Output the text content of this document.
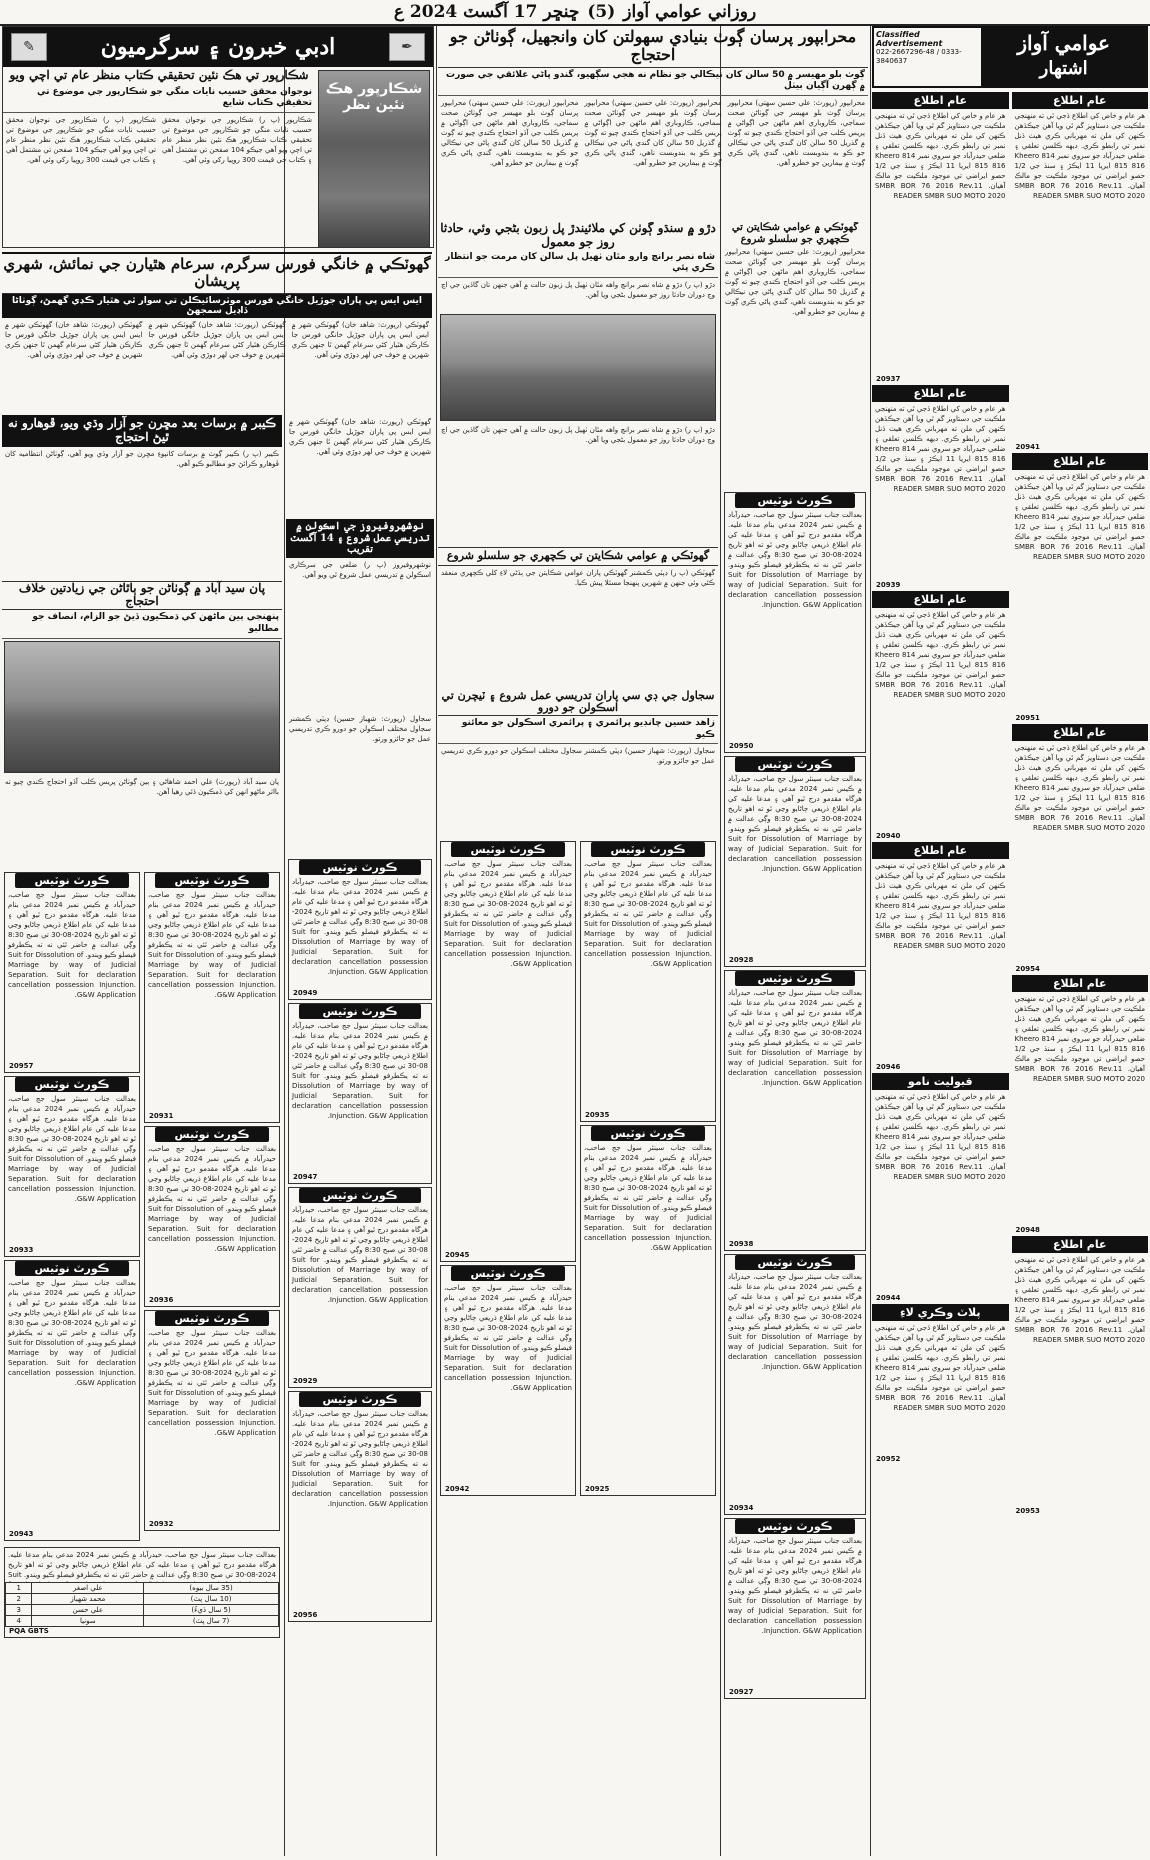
روزاني عوامي آواز
(5)
ڇنڇر 17 آگسٽ 2024 ع
Classified Advertisement
022-2667296-48 / 0333-3840637
عوامي آواز
اشتهار
عام اطلاع
هر عام و خاص کي اطلاع ڏجي ٿي ته منهنجي ملڪيت جي دستاويز گم ٿي ويا آهن جيڪڏهن ڪنهن کي ملن ته مهرباني ڪري هيٺ ڏنل نمبر تي رابطو ڪري. ديهه ڪلسن تعلقي ۽ ضلعي حيدرآباد جو سروي نمبر Kheero 814 815 816 ايريا 11 ايڪڙ ۽ سنڌ جي 1/2 حصو ايراضي تي موجود ملڪيت جو مالڪ آهيان. SMBR BOR 76 2016 Rev.11 READER SMBR SUO MOTO 2020
20937
عام اطلاع
هر عام و خاص کي اطلاع ڏجي ٿي ته منهنجي ملڪيت جي دستاويز گم ٿي ويا آهن جيڪڏهن ڪنهن کي ملن ته مهرباني ڪري هيٺ ڏنل نمبر تي رابطو ڪري. ديهه ڪلسن تعلقي ۽ ضلعي حيدرآباد جو سروي نمبر Kheero 814 815 816 ايريا 11 ايڪڙ ۽ سنڌ جي 1/2 حصو ايراضي تي موجود ملڪيت جو مالڪ آهيان. SMBR BOR 76 2016 Rev.11 READER SMBR SUO MOTO 2020
20939
عام اطلاع
هر عام و خاص کي اطلاع ڏجي ٿي ته منهنجي ملڪيت جي دستاويز گم ٿي ويا آهن جيڪڏهن ڪنهن کي ملن ته مهرباني ڪري هيٺ ڏنل نمبر تي رابطو ڪري. ديهه ڪلسن تعلقي ۽ ضلعي حيدرآباد جو سروي نمبر Kheero 814 815 816 ايريا 11 ايڪڙ ۽ سنڌ جي 1/2 حصو ايراضي تي موجود ملڪيت جو مالڪ آهيان. SMBR BOR 76 2016 Rev.11 READER SMBR SUO MOTO 2020
20940
عام اطلاع
هر عام و خاص کي اطلاع ڏجي ٿي ته منهنجي ملڪيت جي دستاويز گم ٿي ويا آهن جيڪڏهن ڪنهن کي ملن ته مهرباني ڪري هيٺ ڏنل نمبر تي رابطو ڪري. ديهه ڪلسن تعلقي ۽ ضلعي حيدرآباد جو سروي نمبر Kheero 814 815 816 ايريا 11 ايڪڙ ۽ سنڌ جي 1/2 حصو ايراضي تي موجود ملڪيت جو مالڪ آهيان. SMBR BOR 76 2016 Rev.11 READER SMBR SUO MOTO 2020
20946
قبوليت نامو
هر عام و خاص کي اطلاع ڏجي ٿي ته منهنجي ملڪيت جي دستاويز گم ٿي ويا آهن جيڪڏهن ڪنهن کي ملن ته مهرباني ڪري هيٺ ڏنل نمبر تي رابطو ڪري. ديهه ڪلسن تعلقي ۽ ضلعي حيدرآباد جو سروي نمبر Kheero 814 815 816 ايريا 11 ايڪڙ ۽ سنڌ جي 1/2 حصو ايراضي تي موجود ملڪيت جو مالڪ آهيان. SMBR BOR 76 2016 Rev.11 READER SMBR SUO MOTO 2020
20944
پلاٽ وڪري لاءِ
هر عام و خاص کي اطلاع ڏجي ٿي ته منهنجي ملڪيت جي دستاويز گم ٿي ويا آهن جيڪڏهن ڪنهن کي ملن ته مهرباني ڪري هيٺ ڏنل نمبر تي رابطو ڪري. ديهه ڪلسن تعلقي ۽ ضلعي حيدرآباد جو سروي نمبر Kheero 814 815 816 ايريا 11 ايڪڙ ۽ سنڌ جي 1/2 حصو ايراضي تي موجود ملڪيت جو مالڪ آهيان. SMBR BOR 76 2016 Rev.11 READER SMBR SUO MOTO 2020
20952
عام اطلاع
هر عام و خاص کي اطلاع ڏجي ٿي ته منهنجي ملڪيت جي دستاويز گم ٿي ويا آهن جيڪڏهن ڪنهن کي ملن ته مهرباني ڪري هيٺ ڏنل نمبر تي رابطو ڪري. ديهه ڪلسن تعلقي ۽ ضلعي حيدرآباد جو سروي نمبر Kheero 814 815 816 ايريا 11 ايڪڙ ۽ سنڌ جي 1/2 حصو ايراضي تي موجود ملڪيت جو مالڪ آهيان. SMBR BOR 76 2016 Rev.11 READER SMBR SUO MOTO 2020
20941
عام اطلاع
هر عام و خاص کي اطلاع ڏجي ٿي ته منهنجي ملڪيت جي دستاويز گم ٿي ويا آهن جيڪڏهن ڪنهن کي ملن ته مهرباني ڪري هيٺ ڏنل نمبر تي رابطو ڪري. ديهه ڪلسن تعلقي ۽ ضلعي حيدرآباد جو سروي نمبر Kheero 814 815 816 ايريا 11 ايڪڙ ۽ سنڌ جي 1/2 حصو ايراضي تي موجود ملڪيت جو مالڪ آهيان. SMBR BOR 76 2016 Rev.11 READER SMBR SUO MOTO 2020
20951
عام اطلاع
هر عام و خاص کي اطلاع ڏجي ٿي ته منهنجي ملڪيت جي دستاويز گم ٿي ويا آهن جيڪڏهن ڪنهن کي ملن ته مهرباني ڪري هيٺ ڏنل نمبر تي رابطو ڪري. ديهه ڪلسن تعلقي ۽ ضلعي حيدرآباد جو سروي نمبر Kheero 814 815 816 ايريا 11 ايڪڙ ۽ سنڌ جي 1/2 حصو ايراضي تي موجود ملڪيت جو مالڪ آهيان. SMBR BOR 76 2016 Rev.11 READER SMBR SUO MOTO 2020
20954
عام اطلاع
هر عام و خاص کي اطلاع ڏجي ٿي ته منهنجي ملڪيت جي دستاويز گم ٿي ويا آهن جيڪڏهن ڪنهن کي ملن ته مهرباني ڪري هيٺ ڏنل نمبر تي رابطو ڪري. ديهه ڪلسن تعلقي ۽ ضلعي حيدرآباد جو سروي نمبر Kheero 814 815 816 ايريا 11 ايڪڙ ۽ سنڌ جي 1/2 حصو ايراضي تي موجود ملڪيت جو مالڪ آهيان. SMBR BOR 76 2016 Rev.11 READER SMBR SUO MOTO 2020
20948
عام اطلاع
هر عام و خاص کي اطلاع ڏجي ٿي ته منهنجي ملڪيت جي دستاويز گم ٿي ويا آهن جيڪڏهن ڪنهن کي ملن ته مهرباني ڪري هيٺ ڏنل نمبر تي رابطو ڪري. ديهه ڪلسن تعلقي ۽ ضلعي حيدرآباد جو سروي نمبر Kheero 814 815 816 ايريا 11 ايڪڙ ۽ سنڌ جي 1/2 حصو ايراضي تي موجود ملڪيت جو مالڪ آهيان. SMBR BOR 76 2016 Rev.11 READER SMBR SUO MOTO 2020
20953
محرابپور پرسان ڳوٺ بنيادي سهولتن کان وانجهيل، ڳوٺاڻن جو احتجاج
ڳوٺ بلو مهيسر ۾ 50 سالن کان نيڪالي جو نظام نه هجي سڳهيو، گندو پاڻي علائقي جي صورت ۾ ڳهرن آڳيان بيٺل
محرابپور (رپورٽ: علي حسين سهتي) محرابپور پرسان ڳوٺ بلو مهيسر جي ڳوٺاڻن صحت سماجي، ڪاروباري اهم ماڻهن جي اڳواڻي ۾ پريس ڪلب جي آڏو احتجاج ڪندي چيو ته ڳوٺ ۾ گذريل 50 سالن کان گندي پاڻي جي نيڪالي جو ڪو به بندوبست ناهي، گندي پاڻي ڪري ڳوٺ ۾ بيمارين جو خطرو آهي.
محرابپور (رپورٽ: علي حسين سهتي) محرابپور پرسان ڳوٺ بلو مهيسر جي ڳوٺاڻن صحت سماجي، ڪاروباري اهم ماڻهن جي اڳواڻي ۾ پريس ڪلب جي آڏو احتجاج ڪندي چيو ته ڳوٺ ۾ گذريل 50 سالن کان گندي پاڻي جي نيڪالي جو ڪو به بندوبست ناهي، گندي پاڻي ڪري ڳوٺ ۾ بيمارين جو خطرو آهي.
محرابپور (رپورٽ: علي حسين سهتي) محرابپور پرسان ڳوٺ بلو مهيسر جي ڳوٺاڻن صحت سماجي، ڪاروباري اهم ماڻهن جي اڳواڻي ۾ پريس ڪلب جي آڏو احتجاج ڪندي چيو ته ڳوٺ ۾ گذريل 50 سالن کان گندي پاڻي جي نيڪالي جو ڪو به بندوبست ناهي، گندي پاڻي ڪري ڳوٺ ۾ بيمارين جو خطرو آهي.
گهوٽڪي ۾ عوامي شڪايتن تي ڪچهري جو سلسلو شروع
محرابپور (رپورٽ: علي حسين سهتي) محرابپور پرسان ڳوٺ بلو مهيسر جي ڳوٺاڻن صحت سماجي، ڪاروباري اهم ماڻهن جي اڳواڻي ۾ پريس ڪلب جي آڏو احتجاج ڪندي چيو ته ڳوٺ ۾ گذريل 50 سالن کان گندي پاڻي جي نيڪالي جو ڪو به بندوبست ناهي، گندي پاڻي ڪري ڳوٺ ۾ بيمارين جو خطرو آهي.
ڪورٽ نوٽيس
بعدالت جناب سينئر سول جج صاحب، حيدرآباد ۾ ڪيس نمبر 2024 مدعي بنام مدعا عليه. هرگاه مقدمو درج ٿيو آهي ۽ مدعا عليه کي عام اطلاع ذريعي ڄاڻايو وڃي ٿو ته اهو تاريخ 2024-08-30 تي صبح 8:30 وڳي عدالت ۾ حاضر ٿئي نه ته يڪطرفو فيصلو ڪيو ويندو. Suit for Dissolution of Marriage by way of Judicial Separation. Suit for declaration cancellation possession Injunction. G&W Application.
20950
ڪورٽ نوٽيس
بعدالت جناب سينئر سول جج صاحب، حيدرآباد ۾ ڪيس نمبر 2024 مدعي بنام مدعا عليه. هرگاه مقدمو درج ٿيو آهي ۽ مدعا عليه کي عام اطلاع ذريعي ڄاڻايو وڃي ٿو ته اهو تاريخ 2024-08-30 تي صبح 8:30 وڳي عدالت ۾ حاضر ٿئي نه ته يڪطرفو فيصلو ڪيو ويندو. Suit for Dissolution of Marriage by way of Judicial Separation. Suit for declaration cancellation possession Injunction. G&W Application.
20928
ڪورٽ نوٽيس
بعدالت جناب سينئر سول جج صاحب، حيدرآباد ۾ ڪيس نمبر 2024 مدعي بنام مدعا عليه. هرگاه مقدمو درج ٿيو آهي ۽ مدعا عليه کي عام اطلاع ذريعي ڄاڻايو وڃي ٿو ته اهو تاريخ 2024-08-30 تي صبح 8:30 وڳي عدالت ۾ حاضر ٿئي نه ته يڪطرفو فيصلو ڪيو ويندو. Suit for Dissolution of Marriage by way of Judicial Separation. Suit for declaration cancellation possession Injunction. G&W Application.
20938
ڪورٽ نوٽيس
بعدالت جناب سينئر سول جج صاحب، حيدرآباد ۾ ڪيس نمبر 2024 مدعي بنام مدعا عليه. هرگاه مقدمو درج ٿيو آهي ۽ مدعا عليه کي عام اطلاع ذريعي ڄاڻايو وڃي ٿو ته اهو تاريخ 2024-08-30 تي صبح 8:30 وڳي عدالت ۾ حاضر ٿئي نه ته يڪطرفو فيصلو ڪيو ويندو. Suit for Dissolution of Marriage by way of Judicial Separation. Suit for declaration cancellation possession Injunction. G&W Application.
20934
ڪورٽ نوٽيس
بعدالت جناب سينئر سول جج صاحب، حيدرآباد ۾ ڪيس نمبر 2024 مدعي بنام مدعا عليه. هرگاه مقدمو درج ٿيو آهي ۽ مدعا عليه کي عام اطلاع ذريعي ڄاڻايو وڃي ٿو ته اهو تاريخ 2024-08-30 تي صبح 8:30 وڳي عدالت ۾ حاضر ٿئي نه ته يڪطرفو فيصلو ڪيو ويندو. Suit for Dissolution of Marriage by way of Judicial Separation. Suit for declaration cancellation possession Injunction. G&W Application.
20927
دڙو ۾ سنڌو ڳوٺن کي ملائيندڙ پل زبون بڻجي وئي، حادثا روز جو معمول
شاه نصر برانچ وارو مٿان ٺهيل پل سالن کان مرمت جو انتظار ڪري پئي
دڙو (پ ر) دڙو ۾ شاه نصر برانچ واهه مٿان ٺهيل پل زبون حالت ۾ آهي جنهن تان گاڏين جي اچ وڃ دوران حادثا روز جو معمول بڻجي ويا آهن.
دڙو (پ ر) دڙو ۾ شاه نصر برانچ واهه مٿان ٺهيل پل زبون حالت ۾ آهي جنهن تان گاڏين جي اچ وڃ دوران حادثا روز جو معمول بڻجي ويا آهن.
گهوٽڪي ۾ عوامي شڪايتن تي ڪچهري جو سلسلو شروع
گهوٽڪي (پ ر) ڊپٽي ڪمشنر گهوٽڪي پاران عوامي شڪايتن جي ٻڌڻي لاءِ کلي ڪچهري منعقد ڪئي وئي جنهن ۾ شهرين پنهنجا مسئلا پيش ڪيا.
سجاول جي ڊي سي پاران تدريسي عمل شروع ۽ ٽيچرن تي اسڪولن جو دورو
زاهد حسين چانڊيو پرائمري ۽ پرائمري اسڪولن جو معائنو ڪيو
سجاول (رپورٽ: شهباز حسين) ڊپٽي ڪمشنر سجاول مختلف اسڪولن جو دورو ڪري تدريسي عمل جو جائزو ورتو.
ڪورٽ نوٽيس
بعدالت جناب سينئر سول جج صاحب، حيدرآباد ۾ ڪيس نمبر 2024 مدعي بنام مدعا عليه. هرگاه مقدمو درج ٿيو آهي ۽ مدعا عليه کي عام اطلاع ذريعي ڄاڻايو وڃي ٿو ته اهو تاريخ 2024-08-30 تي صبح 8:30 وڳي عدالت ۾ حاضر ٿئي نه ته يڪطرفو فيصلو ڪيو ويندو. Suit for Dissolution of Marriage by way of Judicial Separation. Suit for declaration cancellation possession Injunction. G&W Application.
20945
ڪورٽ نوٽيس
بعدالت جناب سينئر سول جج صاحب، حيدرآباد ۾ ڪيس نمبر 2024 مدعي بنام مدعا عليه. هرگاه مقدمو درج ٿيو آهي ۽ مدعا عليه کي عام اطلاع ذريعي ڄاڻايو وڃي ٿو ته اهو تاريخ 2024-08-30 تي صبح 8:30 وڳي عدالت ۾ حاضر ٿئي نه ته يڪطرفو فيصلو ڪيو ويندو. Suit for Dissolution of Marriage by way of Judicial Separation. Suit for declaration cancellation possession Injunction. G&W Application.
20942
ڪورٽ نوٽيس
بعدالت جناب سينئر سول جج صاحب، حيدرآباد ۾ ڪيس نمبر 2024 مدعي بنام مدعا عليه. هرگاه مقدمو درج ٿيو آهي ۽ مدعا عليه کي عام اطلاع ذريعي ڄاڻايو وڃي ٿو ته اهو تاريخ 2024-08-30 تي صبح 8:30 وڳي عدالت ۾ حاضر ٿئي نه ته يڪطرفو فيصلو ڪيو ويندو. Suit for Dissolution of Marriage by way of Judicial Separation. Suit for declaration cancellation possession Injunction. G&W Application.
20935
ڪورٽ نوٽيس
بعدالت جناب سينئر سول جج صاحب، حيدرآباد ۾ ڪيس نمبر 2024 مدعي بنام مدعا عليه. هرگاه مقدمو درج ٿيو آهي ۽ مدعا عليه کي عام اطلاع ذريعي ڄاڻايو وڃي ٿو ته اهو تاريخ 2024-08-30 تي صبح 8:30 وڳي عدالت ۾ حاضر ٿئي نه ته يڪطرفو فيصلو ڪيو ويندو. Suit for Dissolution of Marriage by way of Judicial Separation. Suit for declaration cancellation possession Injunction. G&W Application.
20925
✎	ادبي خبرون ۽ سرگرميون	✒
شڪارپور تي هڪ نئين تحقيقي ڪتاب منظر عام تي اچي ويو
نوجوان محقق حسيب نايات منگي جو شڪارپور جي موضوع تي تحقيقي ڪتاب شايع
شڪارپور (پ ر) شڪارپور جي نوجوان محقق حسيب نايات منگي جو شڪارپور جي موضوع تي تحقيقي ڪتاب شڪارپور هڪ نئين نظر منظر عام تي اچي ويو آهي جيڪو 104 صفحن تي مشتمل آهي ۽ ڪتاب جي قيمت 300 روپيا رکي وئي آهي.
شڪارپور (پ ر) شڪارپور جي نوجوان محقق حسيب نايات منگي جو شڪارپور جي موضوع تي تحقيقي ڪتاب شڪارپور هڪ نئين نظر منظر عام تي اچي ويو آهي جيڪو 104 صفحن تي مشتمل آهي ۽ ڪتاب جي قيمت 300 روپيا رکي وئي آهي.
شڪارپور هڪ نئين نظر
گهوٽڪي ۾ خانگي فورس سرگرم، سرعام هٿيارن جي نمائش، شهري پريشان
ايس ايس پي پاران جوڙيل خانگي فورس موٽرسائيڪلن تي سوار ٿي هٿيار ڪڍي گهمڻ، ڳوٺاڻا ڏاڍيل سمجهڻ
گهوٽڪي (رپورٽ: شاهد خان) گهوٽڪي شهر ۾ ايس ايس پي پاران جوڙيل خانگي فورس جا ڪارڪن هٿيار کڻي سرعام گهمن ٿا جنهن ڪري شهرين ۾ خوف جي لهر ڊوڙي وئي آهي.
گهوٽڪي (رپورٽ: شاهد خان) گهوٽڪي شهر ۾ ايس ايس پي پاران جوڙيل خانگي فورس جا ڪارڪن هٿيار کڻي سرعام گهمن ٿا جنهن ڪري شهرين ۾ خوف جي لهر ڊوڙي وئي آهي.
گهوٽڪي (رپورٽ: شاهد خان) گهوٽڪي شهر ۾ ايس ايس پي پاران جوڙيل خانگي فورس جا ڪارڪن هٿيار کڻي سرعام گهمن ٿا جنهن ڪري شهرين ۾ خوف جي لهر ڊوڙي وئي آهي.
ڪيبر ۾ برسات بعد مڇرن جو آزار وڌي ويو، ڦوهارو نه ٿيڻ احتجاج
ڪيبر (پ ر) ڪيبر ڳوٺ ۾ برسات کانپوءِ مڇرن جو آزار وڌي ويو آهي، ڳوٺاڻن انتظاميه کان ڦوهارو ڪرائڻ جو مطالبو ڪيو آهي.
پان سيد آباد ۾ ڳوٺاڻن جو ٻاٿاڻن جي زيادتين خلاف احتجاج
پنهنجي ٻين ماڻهن کي ڌمڪيون ڏيڻ جو الزام، انصاف جو مطالبو
پان سيد آباد (رپورٽ) علي احمد شاهاڻي ۽ ٻين ڳوٺاڻن پريس ڪلب آڏو احتجاج ڪندي چيو ته بااثر ماڻهو انهن کي ڌمڪيون ڏئي رهيا آهن.
ڪورٽ نوٽيس
بعدالت جناب سينئر سول جج صاحب، حيدرآباد ۾ ڪيس نمبر 2024 مدعي بنام مدعا عليه. هرگاه مقدمو درج ٿيو آهي ۽ مدعا عليه کي عام اطلاع ذريعي ڄاڻايو وڃي ٿو ته اهو تاريخ 2024-08-30 تي صبح 8:30 وڳي عدالت ۾ حاضر ٿئي نه ته يڪطرفو فيصلو ڪيو ويندو. Suit for Dissolution of Marriage by way of Judicial Separation. Suit for declaration cancellation possession Injunction. G&W Application.
20957
ڪورٽ نوٽيس
بعدالت جناب سينئر سول جج صاحب، حيدرآباد ۾ ڪيس نمبر 2024 مدعي بنام مدعا عليه. هرگاه مقدمو درج ٿيو آهي ۽ مدعا عليه کي عام اطلاع ذريعي ڄاڻايو وڃي ٿو ته اهو تاريخ 2024-08-30 تي صبح 8:30 وڳي عدالت ۾ حاضر ٿئي نه ته يڪطرفو فيصلو ڪيو ويندو. Suit for Dissolution of Marriage by way of Judicial Separation. Suit for declaration cancellation possession Injunction. G&W Application.
20933
ڪورٽ نوٽيس
بعدالت جناب سينئر سول جج صاحب، حيدرآباد ۾ ڪيس نمبر 2024 مدعي بنام مدعا عليه. هرگاه مقدمو درج ٿيو آهي ۽ مدعا عليه کي عام اطلاع ذريعي ڄاڻايو وڃي ٿو ته اهو تاريخ 2024-08-30 تي صبح 8:30 وڳي عدالت ۾ حاضر ٿئي نه ته يڪطرفو فيصلو ڪيو ويندو. Suit for Dissolution of Marriage by way of Judicial Separation. Suit for declaration cancellation possession Injunction. G&W Application.
20943
ڪورٽ نوٽيس
بعدالت جناب سينئر سول جج صاحب، حيدرآباد ۾ ڪيس نمبر 2024 مدعي بنام مدعا عليه. هرگاه مقدمو درج ٿيو آهي ۽ مدعا عليه کي عام اطلاع ذريعي ڄاڻايو وڃي ٿو ته اهو تاريخ 2024-08-30 تي صبح 8:30 وڳي عدالت ۾ حاضر ٿئي نه ته يڪطرفو فيصلو ڪيو ويندو. Suit for Dissolution of Marriage by way of Judicial Separation. Suit for declaration cancellation possession Injunction. G&W Application.
20931
ڪورٽ نوٽيس
بعدالت جناب سينئر سول جج صاحب، حيدرآباد ۾ ڪيس نمبر 2024 مدعي بنام مدعا عليه. هرگاه مقدمو درج ٿيو آهي ۽ مدعا عليه کي عام اطلاع ذريعي ڄاڻايو وڃي ٿو ته اهو تاريخ 2024-08-30 تي صبح 8:30 وڳي عدالت ۾ حاضر ٿئي نه ته يڪطرفو فيصلو ڪيو ويندو. Suit for Dissolution of Marriage by way of Judicial Separation. Suit for declaration cancellation possession Injunction. G&W Application.
20936
ڪورٽ نوٽيس
بعدالت جناب سينئر سول جج صاحب، حيدرآباد ۾ ڪيس نمبر 2024 مدعي بنام مدعا عليه. هرگاه مقدمو درج ٿيو آهي ۽ مدعا عليه کي عام اطلاع ذريعي ڄاڻايو وڃي ٿو ته اهو تاريخ 2024-08-30 تي صبح 8:30 وڳي عدالت ۾ حاضر ٿئي نه ته يڪطرفو فيصلو ڪيو ويندو. Suit for Dissolution of Marriage by way of Judicial Separation. Suit for declaration cancellation possession Injunction. G&W Application.
20932
بعدالت جناب سينئر سول جج صاحب، حيدرآباد ۾ ڪيس نمبر 2024 مدعي بنام مدعا عليه. هرگاه مقدمو درج ٿيو آهي ۽ مدعا عليه کي عام اطلاع ذريعي ڄاڻايو وڃي ٿو ته اهو تاريخ 2024-08-30 تي صبح 8:30 وڳي عدالت ۾ حاضر ٿئي نه ته يڪطرفو فيصلو ڪيو ويندو. Suit
(35 سال بيوه)	علي اصغر	1
(10 سال پٽ)	محمد شهباز	2
(5 سال ڌيءُ)	علي حسن	3
(7 سال پٽ)	سونيا	4
PQA GBTS
گهوٽڪي (رپورٽ: شاهد خان) گهوٽڪي شهر ۾ ايس ايس پي پاران جوڙيل خانگي فورس جا ڪارڪن هٿيار کڻي سرعام گهمن ٿا جنهن ڪري شهرين ۾ خوف جي لهر ڊوڙي وئي آهي.
نوشهروفيروز جي اسڪولن ۾ تدريسي عمل شروع ۽ 14 آگسٽ تقريب
نوشهروفيروز (پ ر) ضلعي جي سرڪاري اسڪولن ۾ تدريسي عمل شروع ٿي ويو آهي.
سجاول (رپورٽ: شهباز حسين) ڊپٽي ڪمشنر سجاول مختلف اسڪولن جو دورو ڪري تدريسي عمل جو جائزو ورتو.
ڪورٽ نوٽيس
بعدالت جناب سينئر سول جج صاحب، حيدرآباد ۾ ڪيس نمبر 2024 مدعي بنام مدعا عليه. هرگاه مقدمو درج ٿيو آهي ۽ مدعا عليه کي عام اطلاع ذريعي ڄاڻايو وڃي ٿو ته اهو تاريخ 2024-08-30 تي صبح 8:30 وڳي عدالت ۾ حاضر ٿئي نه ته يڪطرفو فيصلو ڪيو ويندو. Suit for Dissolution of Marriage by way of Judicial Separation. Suit for declaration cancellation possession Injunction. G&W Application.
20949
ڪورٽ نوٽيس
بعدالت جناب سينئر سول جج صاحب، حيدرآباد ۾ ڪيس نمبر 2024 مدعي بنام مدعا عليه. هرگاه مقدمو درج ٿيو آهي ۽ مدعا عليه کي عام اطلاع ذريعي ڄاڻايو وڃي ٿو ته اهو تاريخ 2024-08-30 تي صبح 8:30 وڳي عدالت ۾ حاضر ٿئي نه ته يڪطرفو فيصلو ڪيو ويندو. Suit for Dissolution of Marriage by way of Judicial Separation. Suit for declaration cancellation possession Injunction. G&W Application.
20947
ڪورٽ نوٽيس
بعدالت جناب سينئر سول جج صاحب، حيدرآباد ۾ ڪيس نمبر 2024 مدعي بنام مدعا عليه. هرگاه مقدمو درج ٿيو آهي ۽ مدعا عليه کي عام اطلاع ذريعي ڄاڻايو وڃي ٿو ته اهو تاريخ 2024-08-30 تي صبح 8:30 وڳي عدالت ۾ حاضر ٿئي نه ته يڪطرفو فيصلو ڪيو ويندو. Suit for Dissolution of Marriage by way of Judicial Separation. Suit for declaration cancellation possession Injunction. G&W Application.
20929
ڪورٽ نوٽيس
بعدالت جناب سينئر سول جج صاحب، حيدرآباد ۾ ڪيس نمبر 2024 مدعي بنام مدعا عليه. هرگاه مقدمو درج ٿيو آهي ۽ مدعا عليه کي عام اطلاع ذريعي ڄاڻايو وڃي ٿو ته اهو تاريخ 2024-08-30 تي صبح 8:30 وڳي عدالت ۾ حاضر ٿئي نه ته يڪطرفو فيصلو ڪيو ويندو. Suit for Dissolution of Marriage by way of Judicial Separation. Suit for declaration cancellation possession Injunction. G&W Application.
20956
